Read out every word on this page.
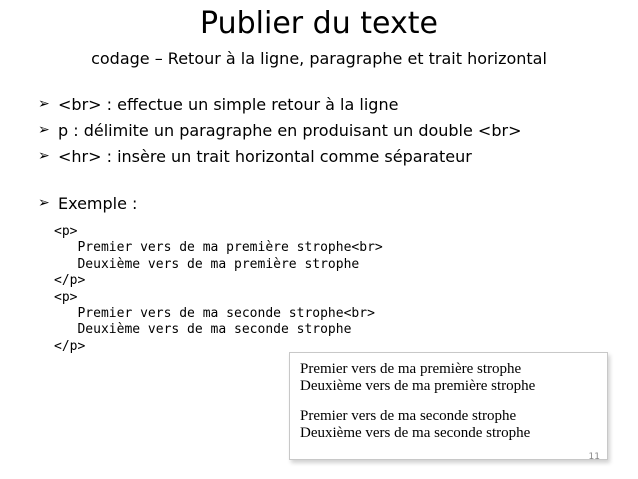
Publier du texte
codage – Retour à la ligne, paragraphe et trait horizontal
➢ <br> : effectue un simple retour à la ligne
➢ p : délimite un paragraphe en produisant un double <br>
➢ <hr> : insère un trait horizontal comme séparateur
➢ Exemple :
<p>
Premier vers de ma première strophe<br>
Deuxième vers de ma première strophe
</p>
<p>
Premier vers de ma seconde strophe<br>
Deuxième vers de ma seconde strophe
</p>

Premier vers de ma première strophe
Deuxième vers de ma première strophe

Premier vers de ma seconde strophe
Deuxième vers de ma seconde strophe

11
